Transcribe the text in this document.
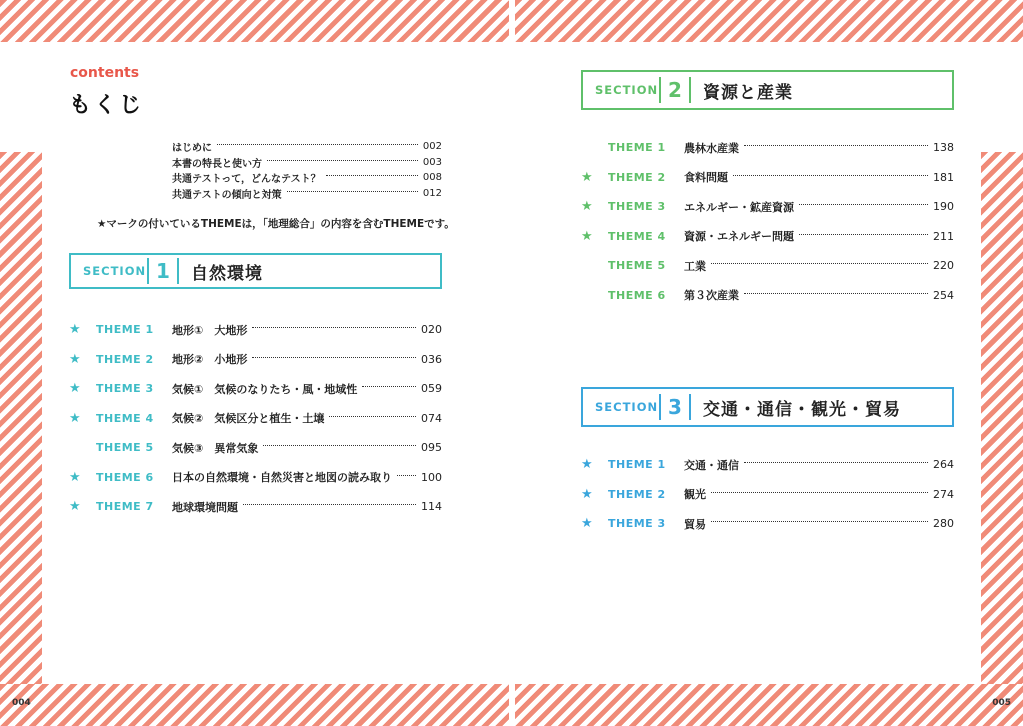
contents
もくじ
はじめに	002
本書の特長と使い方	003
共通テストって，どんなテスト？	008
共通テストの傾向と対策	012
★マークの付いているTHEMEは，「地理総合」の内容を含むTHEMEです。
SECTION 1	自然環境
★	THEME 1	地形①　大地形	020
★	THEME 2	地形②　小地形	036
★	THEME 3	気候①　気候のなりたち・風・地域性	059
★	THEME 4	気候②　気候区分と植生・土壌	074
THEME 5	気候③　異常気象	095
★	THEME 6	日本の自然環境・自然災害と地図の読み取り	100
★	THEME 7	地球環境問題	114
SECTION 2	資源と産業
THEME 1	農林水産業	138
★	THEME 2	食料問題	181
★	THEME 3	エネルギー・鉱産資源	190
★	THEME 4	資源・エネルギー問題	211
THEME 5	工業	220
THEME 6	第３次産業	254
SECTION 3	交通・通信・観光・貿易
★	THEME 1	交通・通信	264
★	THEME 2	観光	274
★	THEME 3	貿易	280
004	005
